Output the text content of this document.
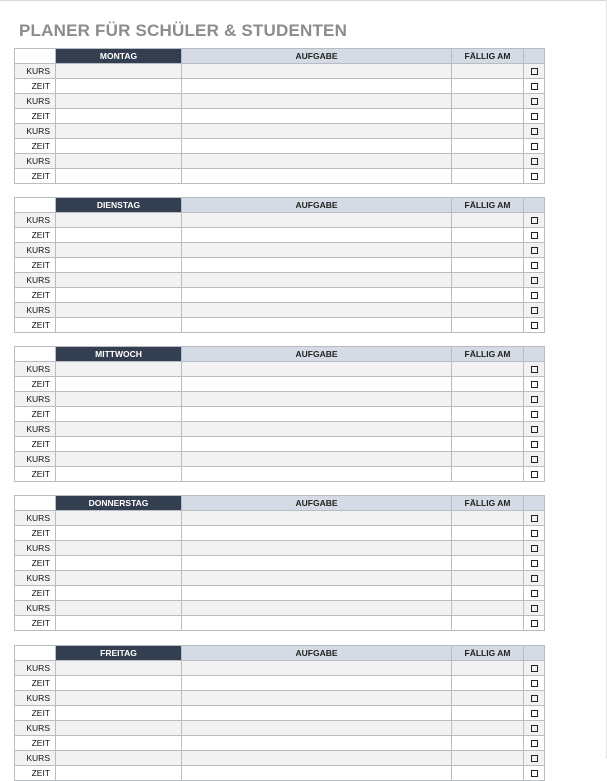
PLANER FÜR SCHÜLER & STUDENTEN
	MONTAG	AUFGABE	FÄLLIG AM	
KURS				
ZEIT				
KURS				
ZEIT				
KURS				
ZEIT				
KURS				
ZEIT				
	DIENSTAG	AUFGABE	FÄLLIG AM	
KURS				
ZEIT				
KURS				
ZEIT				
KURS				
ZEIT				
KURS				
ZEIT				
	MITTWOCH	AUFGABE	FÄLLIG AM	
KURS				
ZEIT				
KURS				
ZEIT				
KURS				
ZEIT				
KURS				
ZEIT				
	DONNERSTAG	AUFGABE	FÄLLIG AM	
KURS				
ZEIT				
KURS				
ZEIT				
KURS				
ZEIT				
KURS				
ZEIT				
	FREITAG	AUFGABE	FÄLLIG AM	
KURS				
ZEIT				
KURS				
ZEIT				
KURS				
ZEIT				
KURS				
ZEIT				
